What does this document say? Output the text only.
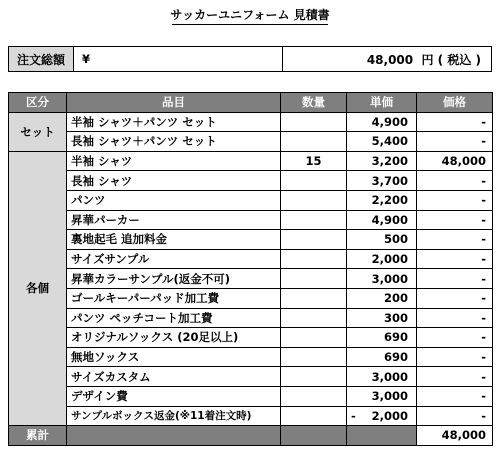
サッカーユニフォーム 見積書
注文総額	¥	48,000 円 ( 税込 )
区分	品目	数量	単価	価格
セット	半袖 シャツ＋パンツ セット		4,900	-
	長袖 シャツ＋パンツ セット		5,400	-
各個	半袖 シャツ	15	3,200	48,000
	長袖 シャツ		3,700	-
	パンツ		2,200	-
	昇華パーカー		4,900	-
	裏地起毛 追加料金		500	-
	サイズサンプル		2,000	-
	昇華カラーサンプル(返金不可)		3,000	-
	ゴールキーパーパッド加工費		200	-
	パンツ ペッチコート加工費		300	-
	オリジナルソックス (20足以上)		690	-
	無地ソックス		690	-
	サイズカスタム		3,000	-
	デザイン費		3,000	-
	サンプルボックス返金(※11着注文時)		- 2,000	-
累計				48,000
